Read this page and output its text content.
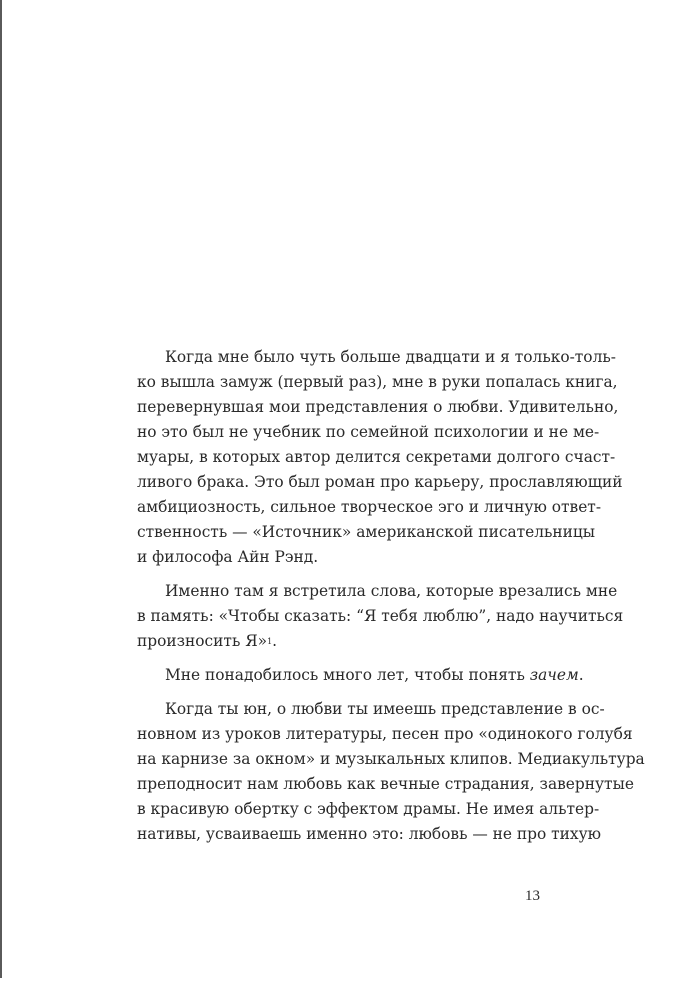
Когда мне было чуть больше двадцати и я только-толь-
ко вышла замуж (первый раз), мне в руки попалась книга,
перевернувшая мои представления о любви. Удивительно,
но это был не учебник по семейной психологии и не ме-
муары, в которых автор делится секретами долгого счаст-
ливого брака. Это был роман про карьеру, прославляющий
амбициозность, сильное творческое эго и личную ответ-
ственность — «Источник» американской писательницы
и философа Айн Рэнд.
Именно там я встретила слова, которые врезались мне
в память: «Чтобы сказать: “Я тебя люблю”, надо научиться
произносить Я»$^1$.
Мне понадобилось много лет, чтобы понять зачем.
Когда ты юн, о любви ты имеешь представление в ос-
новном из уроков литературы, песен про «одинокого голубя
на карнизе за окном» и музыкальных клипов. Медиакультура
преподносит нам любовь как вечные страдания, завернутые
в красивую обертку с эффектом драмы. Не имея альтер-
нативы, усваиваешь именно это: любовь — не про тихую
13
